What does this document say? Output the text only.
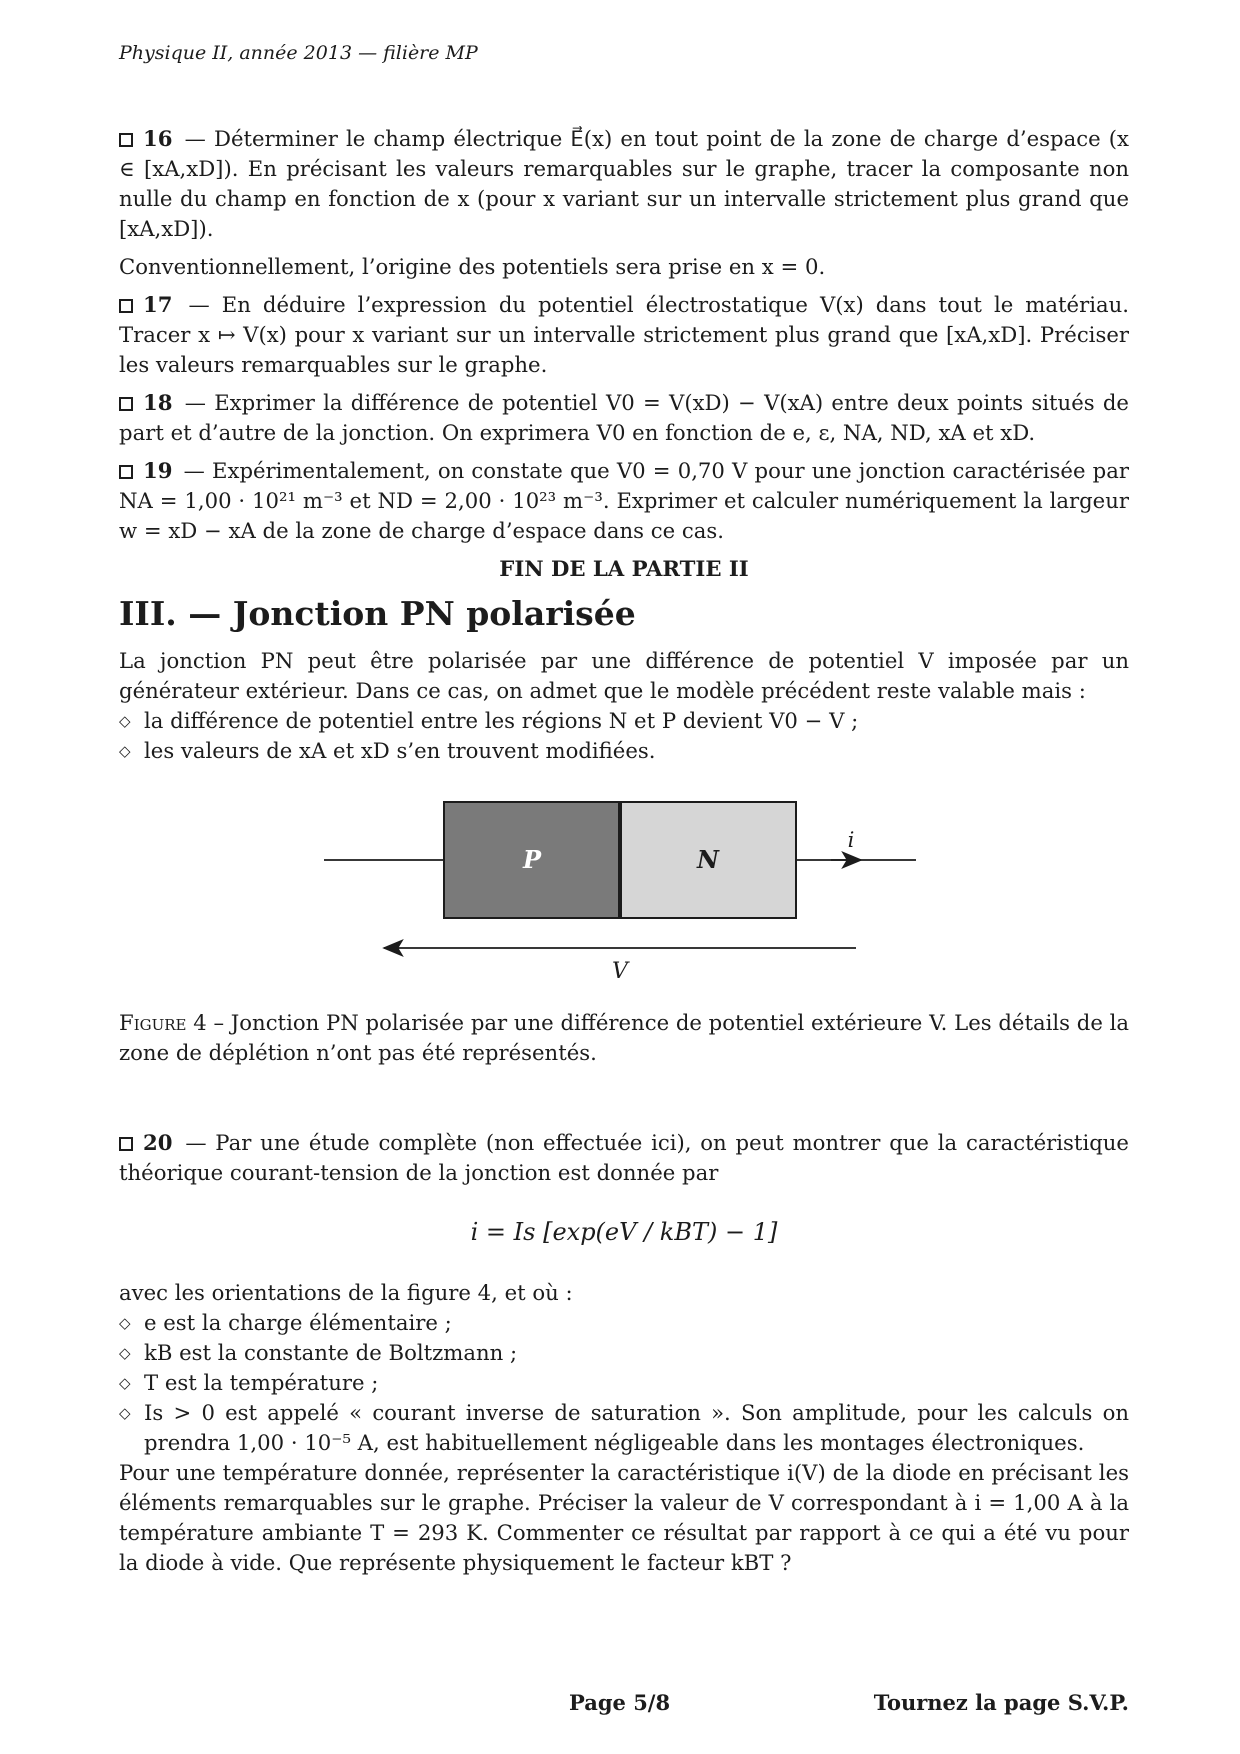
Physique II, année 2013 — filière MP
16 — Déterminer le champ électrique E⃗(x) en tout point de la zone de charge d’espace (x ∈ [xA,xD]). En précisant les valeurs remarquables sur le graphe, tracer la composante non nulle du champ en fonction de x (pour x variant sur un intervalle strictement plus grand que [xA,xD]).
Conventionnellement, l’origine des potentiels sera prise en x = 0.
17 — En déduire l’expression du potentiel électrostatique V(x) dans tout le matériau. Tracer x ↦ V(x) pour x variant sur un intervalle strictement plus grand que [xA,xD]. Préciser les valeurs remarquables sur le graphe.
18 — Exprimer la différence de potentiel V0 = V(xD) − V(xA) entre deux points situés de part et d’autre de la jonction. On exprimera V0 en fonction de e, ε, NA, ND, xA et xD.
19 — Expérimentalement, on constate que V0 = 0,70 V pour une jonction caractérisée par NA = 1,00 · 10²¹ m⁻³ et ND = 2,00 · 10²³ m⁻³. Exprimer et calculer numériquement la largeur w = xD − xA de la zone de charge d’espace dans ce cas.
FIN DE LA PARTIE II
III. — Jonction PN polarisée
La jonction PN peut être polarisée par une différence de potentiel V imposée par un générateur extérieur. Dans ce cas, on admet que le modèle précédent reste valable mais :
◇ la différence de potentiel entre les régions N et P devient V0 − V ;
◇ les valeurs de xA et xD s’en trouvent modifiées.
P	N
i
V
Figure 4 – Jonction PN polarisée par une différence de potentiel extérieure V. Les détails de la zone de déplétion n’ont pas été représentés.
20 — Par une étude complète (non effectuée ici), on peut montrer que la caractéristique théorique courant-tension de la jonction est donnée par
i = Is [exp(eV / kBT) − 1]
avec les orientations de la figure 4, et où :
◇ e est la charge élémentaire ;
◇ kB est la constante de Boltzmann ;
◇ T est la température ;
◇ Is > 0 est appelé « courant inverse de saturation ». Son amplitude, pour les calculs on prendra 1,00 · 10⁻⁵ A, est habituellement négligeable dans les montages électroniques.
Pour une température donnée, représenter la caractéristique i(V) de la diode en précisant les éléments remarquables sur le graphe. Préciser la valeur de V correspondant à i = 1,00 A à la température ambiante T = 293 K. Commenter ce résultat par rapport à ce qui a été vu pour la diode à vide. Que représente physiquement le facteur kBT ?
Page 5/8	Tournez la page S.V.P.
